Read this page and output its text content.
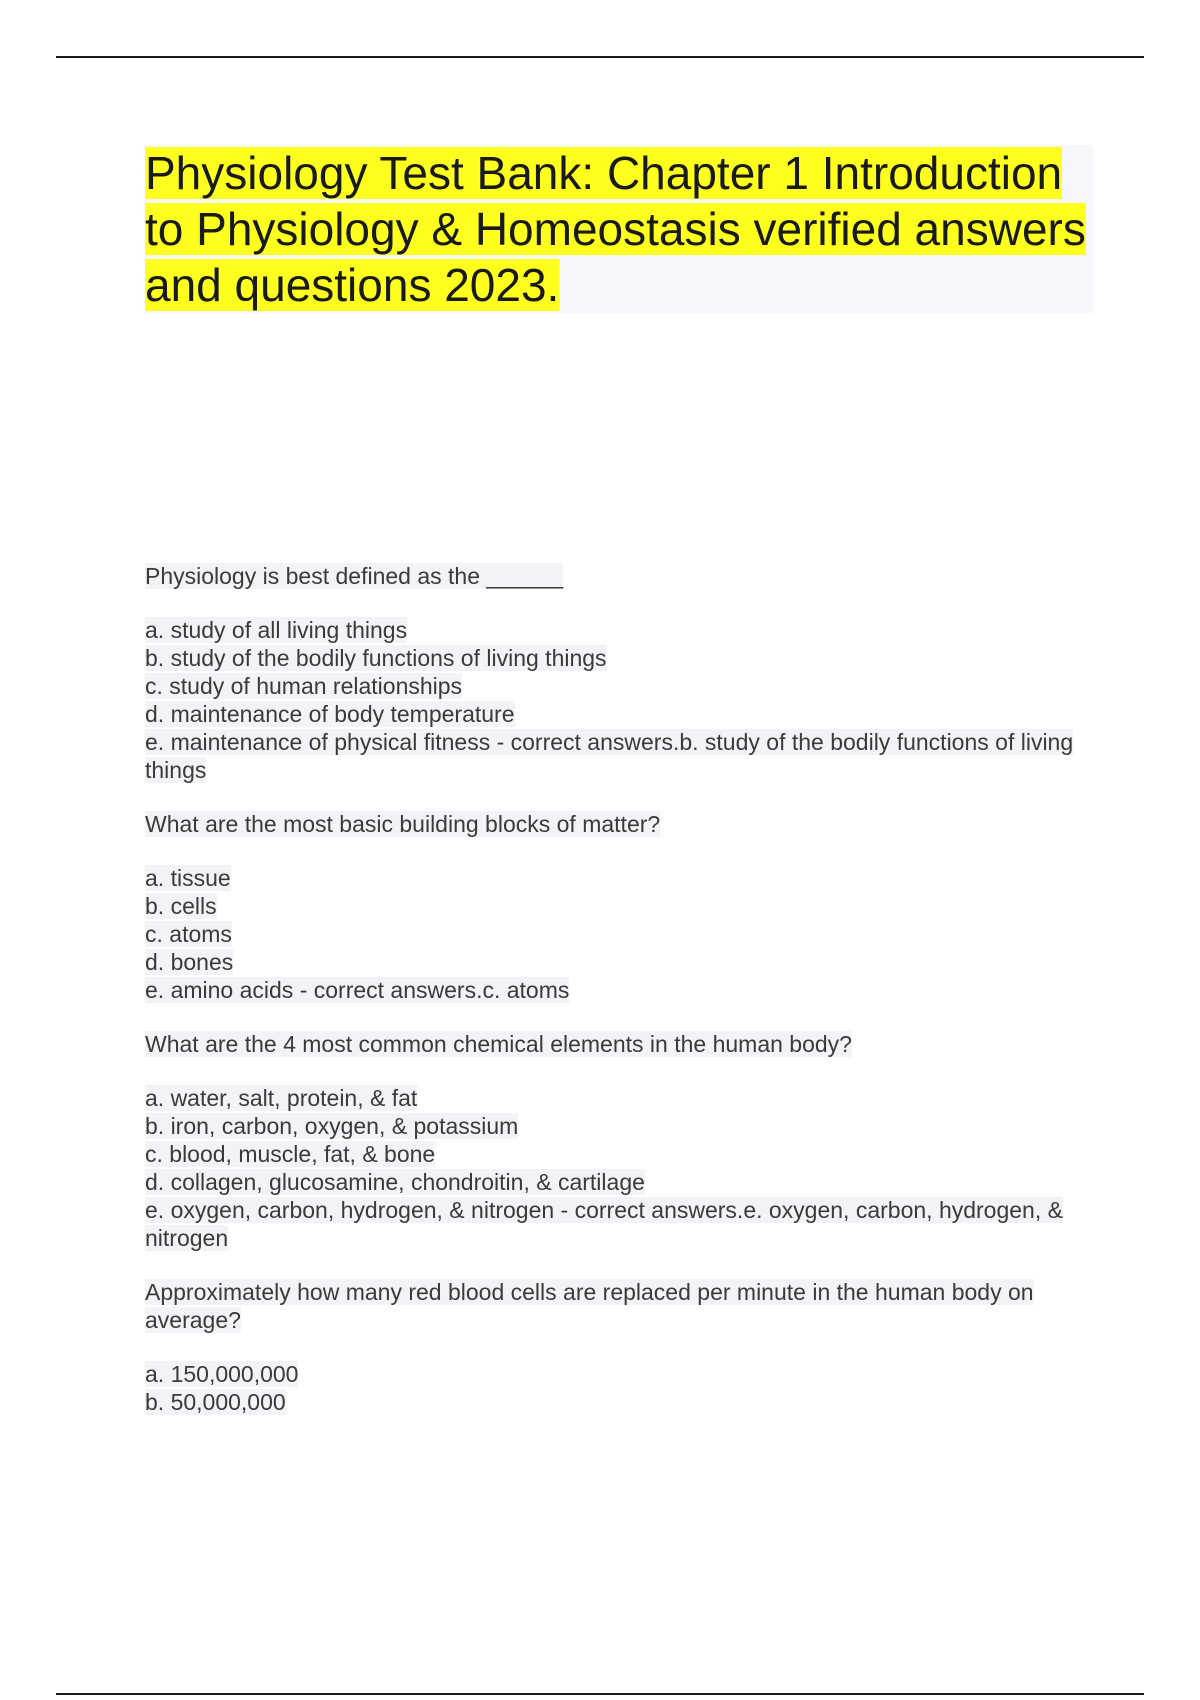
Physiology Test Bank: Chapter 1 Introduction to Physiology & Homeostasis verified answers and questions 2023.

Physiology is best defined as the ______

a. study of all living things
b. study of the bodily functions of living things
c. study of human relationships
d. maintenance of body temperature
e. maintenance of physical fitness - correct answers.b. study of the bodily functions of living things

What are the most basic building blocks of matter?

a. tissue
b. cells
c. atoms
d. bones
e. amino acids - correct answers.c. atoms

What are the 4 most common chemical elements in the human body?

a. water, salt, protein, & fat
b. iron, carbon, oxygen, & potassium
c. blood, muscle, fat, & bone
d. collagen, glucosamine, chondroitin, & cartilage
e. oxygen, carbon, hydrogen, & nitrogen - correct answers.e. oxygen, carbon, hydrogen, & nitrogen

Approximately how many red blood cells are replaced per minute in the human body on average?

a. 150,000,000
b. 50,000,000
